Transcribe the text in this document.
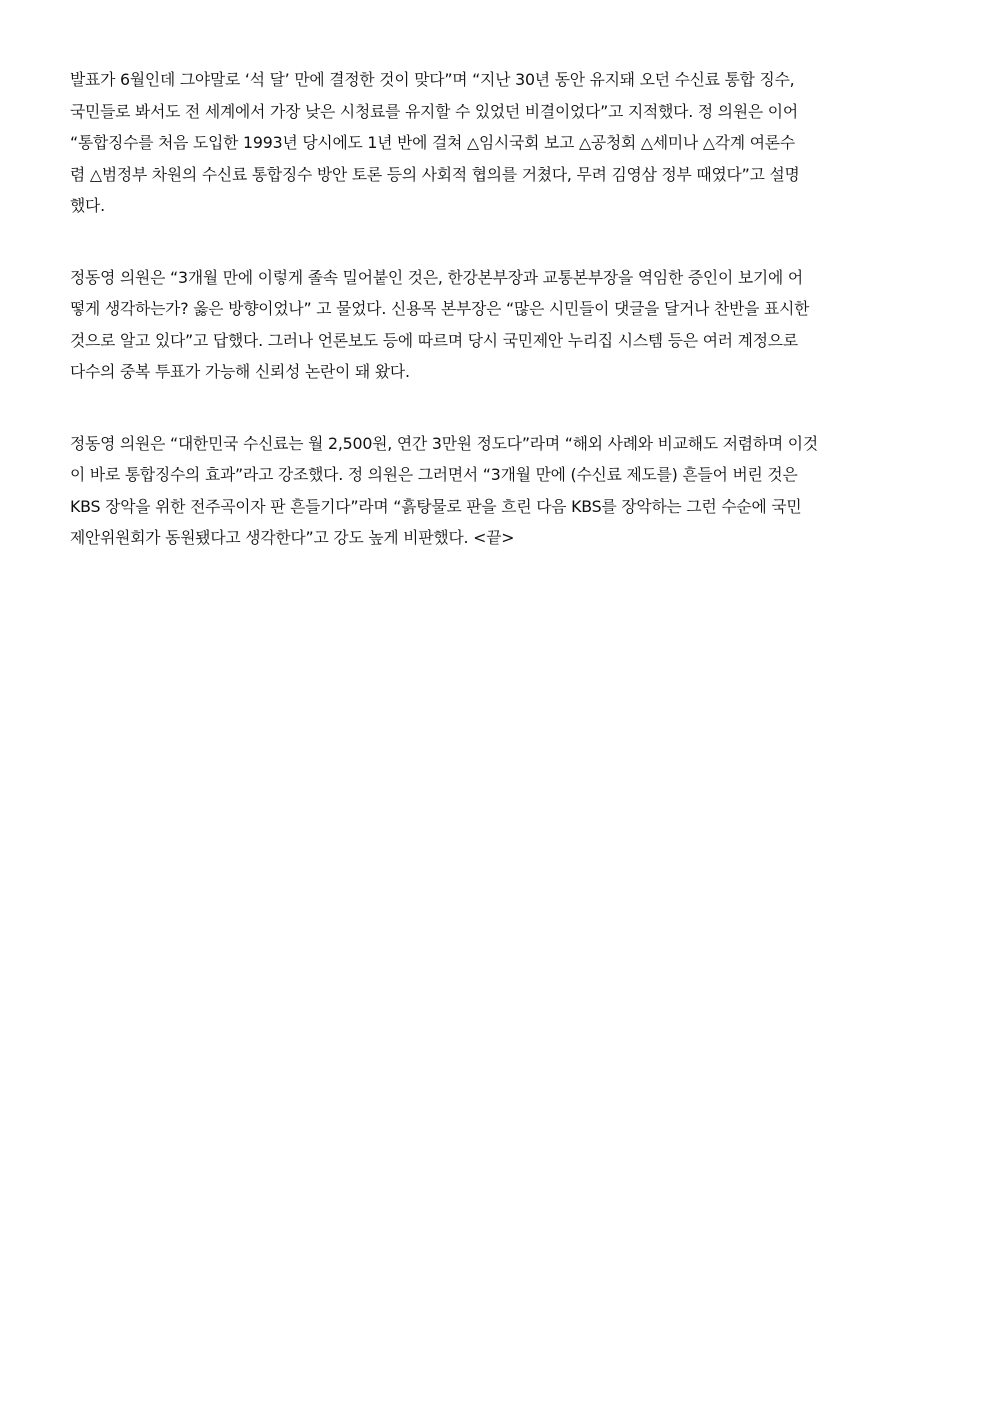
발표가 6월인데 그야말로 ‘석 달’ 만에 결정한 것이 맞다”며 “지난 30년 동안 유지돼 오던 수신료 통합 징수,
국민들로 봐서도 전 세계에서 가장 낮은 시청료를 유지할 수 있었던 비결이었다”고 지적했다. 정 의원은 이어
“통합징수를 처음 도입한 1993년 당시에도 1년 반에 걸쳐 △임시국회 보고 △공청회 △세미나 △각계 여론수
렴 △범정부 차원의 수신료 통합징수 방안 토론 등의 사회적 협의를 거쳤다, 무려 김영삼 정부 때였다”고 설명
했다.

정동영 의원은 “3개월 만에 이렇게 졸속 밀어붙인 것은, 한강본부장과 교통본부장을 역임한 증인이 보기에 어
떻게 생각하는가? 옳은 방향이었나” 고 물었다. 신용목 본부장은 “많은 시민들이 댓글을 달거나 찬반을 표시한
것으로 알고 있다”고 답했다. 그러나 언론보도 등에 따르며 당시 국민제안 누리집 시스템 등은 여러 계정으로
다수의 중복 투표가 가능해 신뢰성 논란이 돼 왔다.

정동영 의원은 “대한민국 수신료는 월 2,500원, 연간 3만원 정도다”라며 “해외 사례와 비교해도 저렴하며 이것
이 바로 통합징수의 효과”라고 강조했다. 정 의원은 그러면서 “3개월 만에 (수신료 제도를) 흔들어 버린 것은
KBS 장악을 위한 전주곡이자 판 흔들기다”라며 “흙탕물로 판을 흐린 다음 KBS를 장악하는 그런 수순에 국민
제안위원회가 동원됐다고 생각한다”고 강도 높게 비판했다. <끝>
